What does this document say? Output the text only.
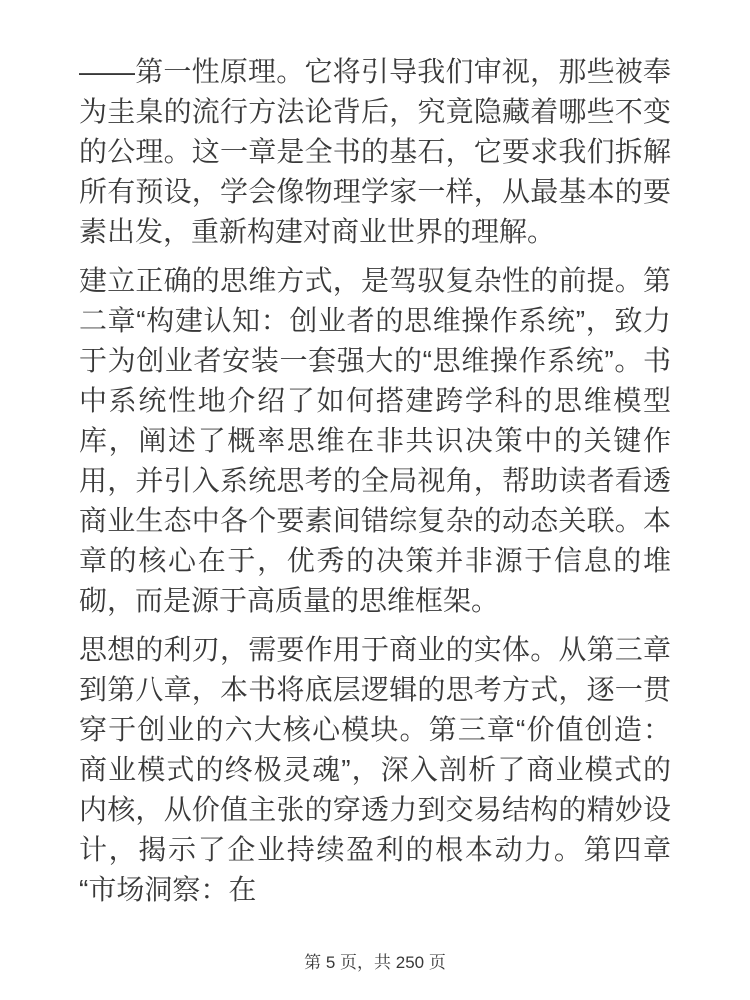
——第一性原理。它将引导我们审视，那些被奉为圭臬的流行方法论背后，究竟隐藏着哪些不变的公理。这一章是全书的基石，它要求我们拆解所有预设，学会像物理学家一样，从最基本的要素出发，重新构建对商业世界的理解。

建立正确的思维方式，是驾驭复杂性的前提。第二章“构建认知：创业者的思维操作系统”，致力于为创业者安装一套强大的“思维操作系统”。书中系统性地介绍了如何搭建跨学科的思维模型库，阐述了概率思维在非共识决策中的关键作用，并引入系统思考的全局视角，帮助读者看透商业生态中各个要素间错综复杂的动态关联。本章的核心在于，优秀的决策并非源于信息的堆砌，而是源于高质量的思维框架。

思想的利刃，需要作用于商业的实体。从第三章到第八章，本书将底层逻辑的思考方式，逐一贯穿于创业的六大核心模块。第三章“价值创造：商业模式的终极灵魂”，深入剖析了商业模式的内核，从价值主张的穿透力到交易结构的精妙设计，揭示了企业持续盈利的根本动力。第四章“市场洞察：在

第 5 页，共 250 页
